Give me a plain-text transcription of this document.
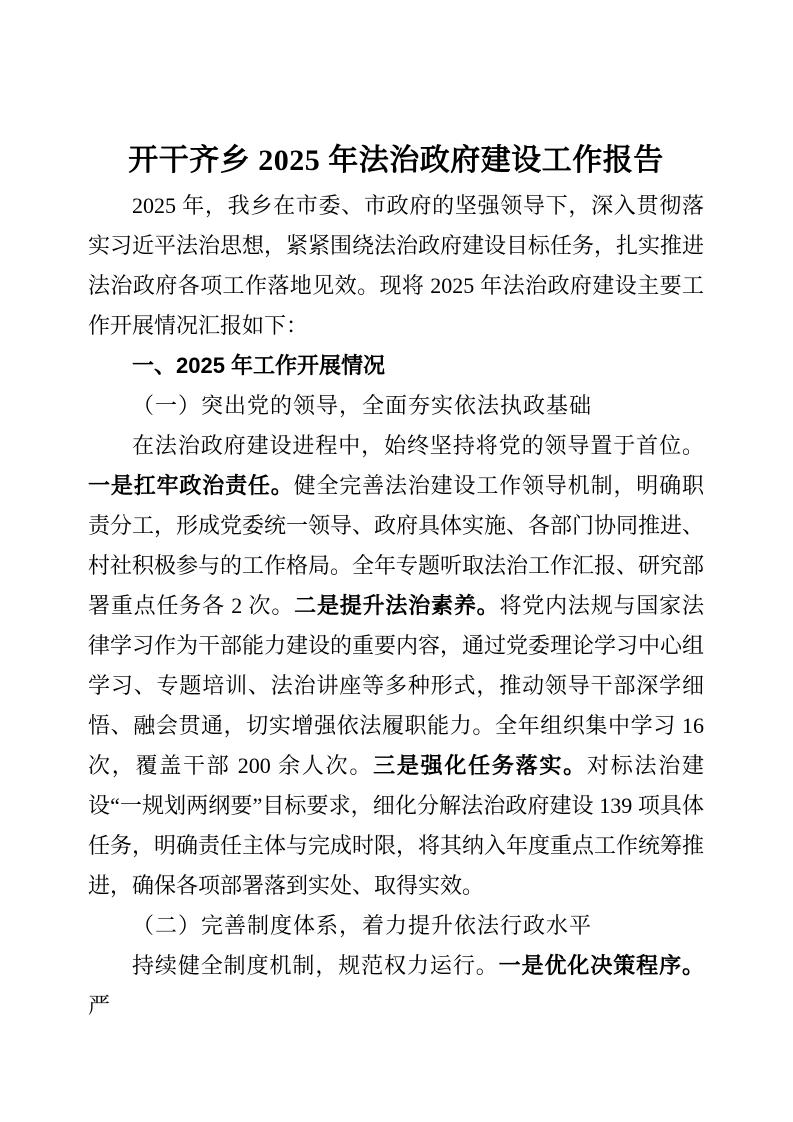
开干齐乡 2025 年法治政府建设工作报告

2025 年，我乡在市委、市政府的坚强领导下，深入贯彻落实习近平法治思想，紧紧围绕法治政府建设目标任务，扎实推进法治政府各项工作落地见效。现将 2025 年法治政府建设主要工作开展情况汇报如下：

一、2025 年工作开展情况

（一）突出党的领导，全面夯实依法执政基础

在法治政府建设进程中，始终坚持将党的领导置于首位。一是扛牢政治责任。健全完善法治建设工作领导机制，明确职责分工，形成党委统一领导、政府具体实施、各部门协同推进、村社积极参与的工作格局。全年专题听取法治工作汇报、研究部署重点任务各 2 次。二是提升法治素养。将党内法规与国家法律学习作为干部能力建设的重要内容，通过党委理论学习中心组学习、专题培训、法治讲座等多种形式，推动领导干部深学细悟、融会贯通，切实增强依法履职能力。全年组织集中学习 16 次，覆盖干部 200 余人次。三是强化任务落实。对标法治建设“一规划两纲要”目标要求，细化分解法治政府建设 139 项具体任务，明确责任主体与完成时限，将其纳入年度重点工作统筹推进，确保各项部署落到实处、取得实效。

（二）完善制度体系，着力提升依法行政水平

持续健全制度机制，规范权力运行。一是优化决策程序。严
